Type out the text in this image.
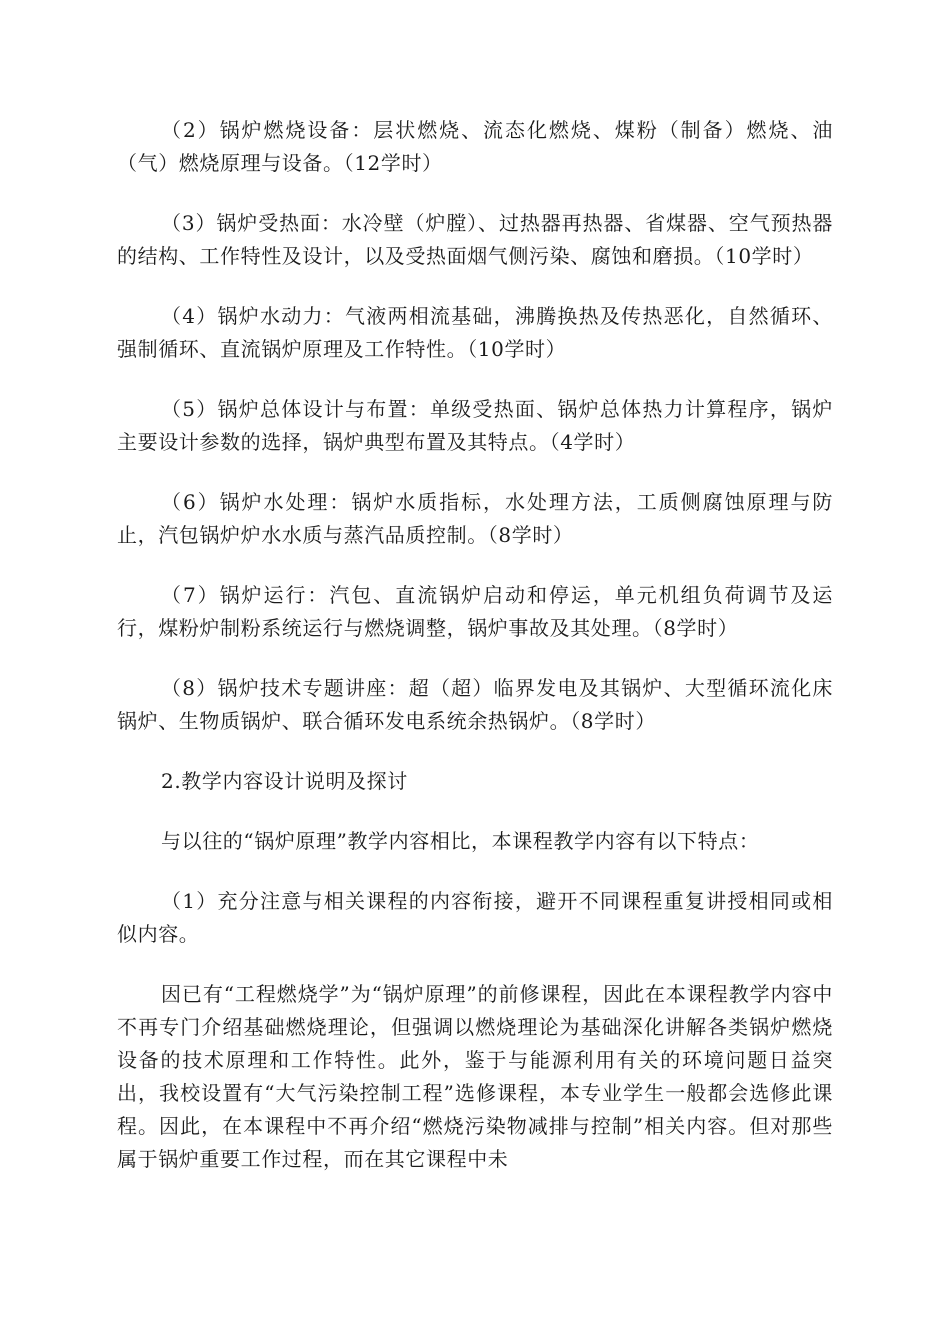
（2）锅炉燃烧设备：层状燃烧、流态化燃烧、煤粉（制备）燃烧、油（气）燃烧原理与设备。（12学时）

（3）锅炉受热面：水冷壁（炉膛）、过热器再热器、省煤器、空气预热器的结构、工作特性及设计，以及受热面烟气侧污染、腐蚀和磨损。（10学时）

（4）锅炉水动力：气液两相流基础，沸腾换热及传热恶化，自然循环、强制循环、直流锅炉原理及工作特性。（10学时）

（5）锅炉总体设计与布置：单级受热面、锅炉总体热力计算程序，锅炉主要设计参数的选择，锅炉典型布置及其特点。（4学时）

（6）锅炉水处理：锅炉水质指标，水处理方法，工质侧腐蚀原理与防止，汽包锅炉炉水水质与蒸汽品质控制。（8学时）

（7）锅炉运行：汽包、直流锅炉启动和停运，单元机组负荷调节及运行，煤粉炉制粉系统运行与燃烧调整，锅炉事故及其处理。（8学时）

（8）锅炉技术专题讲座：超（超）临界发电及其锅炉、大型循环流化床锅炉、生物质锅炉、联合循环发电系统余热锅炉。（8学时）

2.教学内容设计说明及探讨

与以往的“锅炉原理”教学内容相比，本课程教学内容有以下特点：

（1）充分注意与相关课程的内容衔接，避开不同课程重复讲授相同或相似内容。

因已有“工程燃烧学”为“锅炉原理”的前修课程，因此在本课程教学内容中不再专门介绍基础燃烧理论，但强调以燃烧理论为基础深化讲解各类锅炉燃烧设备的技术原理和工作特性。此外，鉴于与能源利用有关的环境问题日益突出，我校设置有“大气污染控制工程”选修课程，本专业学生一般都会选修此课程。因此，在本课程中不再介绍“燃烧污染物减排与控制”相关内容。但对那些属于锅炉重要工作过程，而在其它课程中未
